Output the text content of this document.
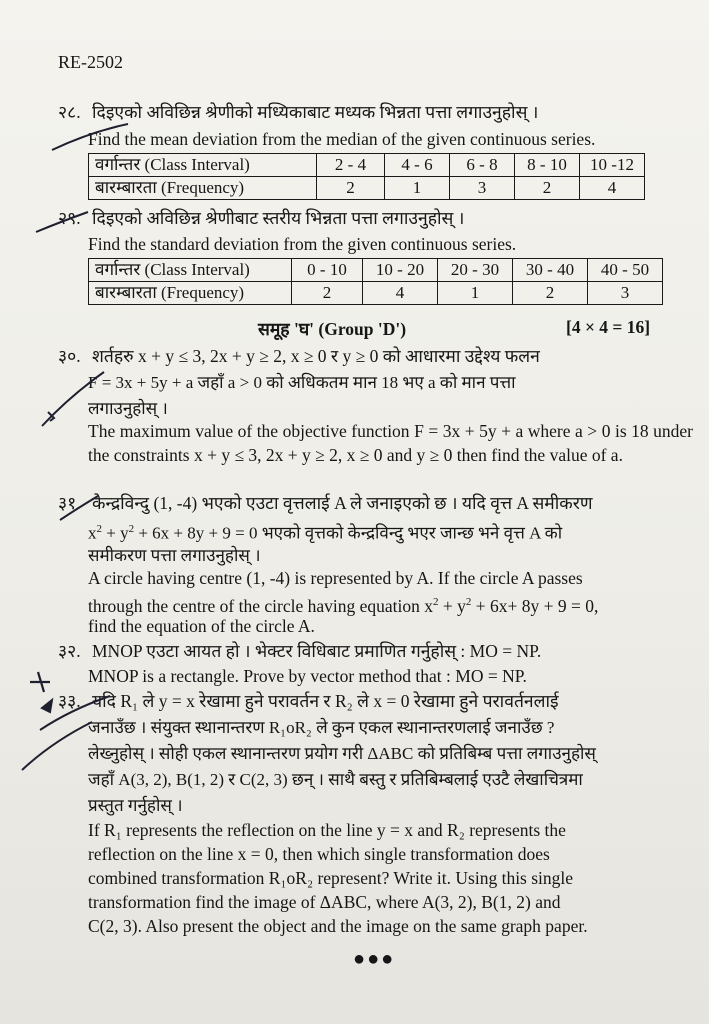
RE-2502
२८. दिइएको अविछिन्न श्रेणीको मध्यिकाबाट मध्यक भिन्नता पत्ता लगाउनुहोस् ।
Find the mean deviation from the median of the given continuous series.
वर्गान्तर (Class Interval)	2 - 4	4 - 6	6 - 8	8 - 10	10 -12
बारम्बारता (Frequency)	2	1	3	2	4
२९. दिइएको अविछिन्न श्रेणीबाट स्तरीय भिन्नता पत्ता लगाउनुहोस् ।
Find the standard deviation from the given continuous series.
वर्गान्तर (Class Interval)	0 - 10	10 - 20	20 - 30	30 - 40	40 - 50
बारम्बारता (Frequency)	2	4	1	2	3
समूह 'घ' (Group 'D')	[4 × 4 = 16]
३०. शर्तहरु x + y ≤ 3, 2x + y ≥ 2, x ≥ 0 र y ≥ 0 को आधारमा उद्देश्य फलन
F = 3x + 5y + a जहाँ a > 0 को अधिकतम मान 18 भए a को मान पत्ता
लगाउनुहोस् ।
The maximum value of the objective function F = 3x + 5y + a where a > 0 is 18 under the constraints x + y ≤ 3, 2x + y ≥ 2, x ≥ 0 and y ≥ 0 then find the value of a.
३१. केन्द्रविन्दु (1, -4) भएको एउटा वृत्तलाई A ले जनाइएको छ । यदि वृत्त A समीकरण
$x^2 + y^2 + 6x + 8y + 9 = 0$ भएको वृत्तको केन्द्रविन्दु भएर जान्छ भने वृत्त A को
समीकरण पत्ता लगाउनुहोस् ।
A circle having centre (1, -4) is represented by A. If the circle A passes
through the centre of the circle having equation $x^2 + y^2 + 6x+ 8y + 9 = 0$,
find the equation of the circle A.
३२. MNOP एउटा आयत हो । भेक्टर विधिबाट प्रमाणित गर्नुहोस् : MO = NP.
MNOP is a rectangle. Prove by vector method that : MO = NP.
३३. यदि R₁ ले y = x रेखामा हुने परावर्तन र R₂ ले x = 0 रेखामा हुने परावर्तनलाई
जनाउँछ । संयुक्त स्थानान्तरण R₁oR₂ ले कुन एकल स्थानान्तरणलाई जनाउँछ ?
लेख्नुहोस् । सोही एकल स्थानान्तरण प्रयोग गरी ΔABC को प्रतिबिम्ब पत्ता लगाउनुहोस्
जहाँ A(3, 2), B(1, 2) र C(2, 3) छन् । साथै बस्तु र प्रतिबिम्बलाई एउटै लेखाचित्रमा
प्रस्तुत गर्नुहोस् ।
If R₁ represents the reflection on the line y = x and R₂ represents the
reflection on the line x = 0, then which single transformation does
combined transformation R₁oR₂ represent? Write it. Using this single
transformation find the image of ΔABC, where A(3, 2), B(1, 2) and
C(2, 3). Also present the object and the image on the same graph paper.
●●●
